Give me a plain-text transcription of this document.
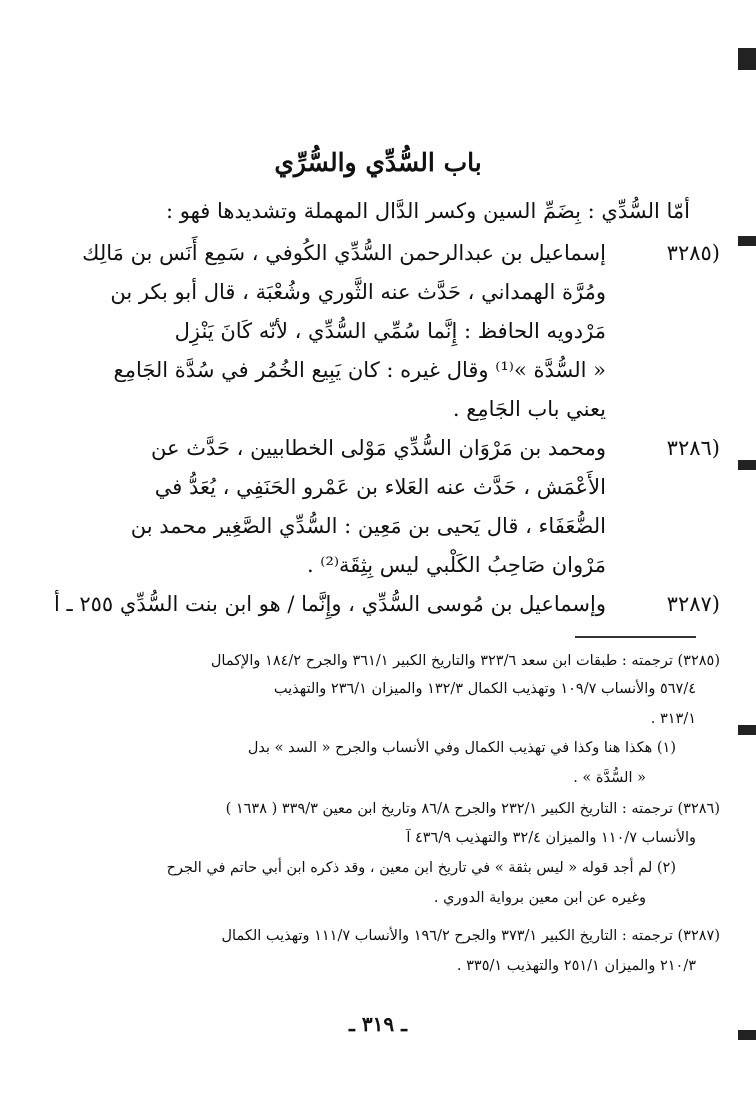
باب السُّدِّي والسُّرِّي
أمّا السُّدِّي : بِضَمِّ السين وكسر الدَّال المهملة وتشديدها فهو :
(٣٢٨٥
إسماعيل بن عبدالرحمن السُّدِّي الكُوفي ، سَمِع أَنَس بن مَالِك
ومُرَّة الهمداني ، حَدَّث عنه الثَّوري وشُعْبَة ، قال أبو بكر بن
مَرْدويه الحافظ : إِنَّما سُمِّي السُّدِّي ، لأنّه كَانَ يَنْزِل
« السُّدَّة »⁽¹⁾ وقال غيره : كان يَبِيع الخُمُر في سُدَّة الجَامِع
يعني باب الجَامِع .
(٣٢٨٦
ومحمد بن مَرْوَان السُّدِّي مَوْلى الخطابيين ، حَدَّث عن
الأَعْمَش ، حَدَّث عنه العَلاء بن عَمْرو الحَنَفِي ، يُعَدُّ في
الضُّعَفَاء ، قال يَحيى بن مَعِين : السُّدِّي الصَّغِير محمد بن
مَرْوان صَاحِبُ الكَلْبي ليس بِثِقَة⁽²⁾ .
(٣٢٨٧
وإسماعيل بن مُوسى السُّدِّي ، وإِنَّما / هو ابن بنت السُّدِّي ٢٥٥ ـ أ
(٣٢٨٥) ترجمته : طبقات ابن سعد ٣٢٣/٦ والتاريخ الكبير ٣٦١/١ والجرح ١٨٤/٢ والإكمال
٥٦٧/٤ والأنساب ١٠٩/٧ وتهذيب الكمال ١٣٢/٣ والميزان ٢٣٦/١ والتهذيب
٣١٣/١ .
(١) هكذا هنا وكذا في تهذيب الكمال وفي الأنساب والجرح « السد » بدل
« السُّدَّة » .
(٣٢٨٦) ترجمته : التاريخ الكبير ٢٣٢/١ والجرح ٨٦/٨ وتاريخ ابن معين ٣٣٩/٣ ( ١٦٣٨ )
والأنساب ١١٠/٧ والميزان ٣٢/٤ والتهذيب ٤٣٦/٩ آ
(٢) لم أجد قوله « ليس بثقة » في تاريخ ابن معين ، وقد ذكره ابن أبي حاتم في الجرح
وغيره عن ابن معين برواية الدوري .
(٣٢٨٧) ترجمته : التاريخ الكبير ٣٧٣/١ والجرح ١٩٦/٢ والأنساب ١١١/٧ وتهذيب الكمال
٢١٠/٣ والميزان ٢٥١/١ والتهذيب ٣٣٥/١ .
ـ ٣١٩ ـ
